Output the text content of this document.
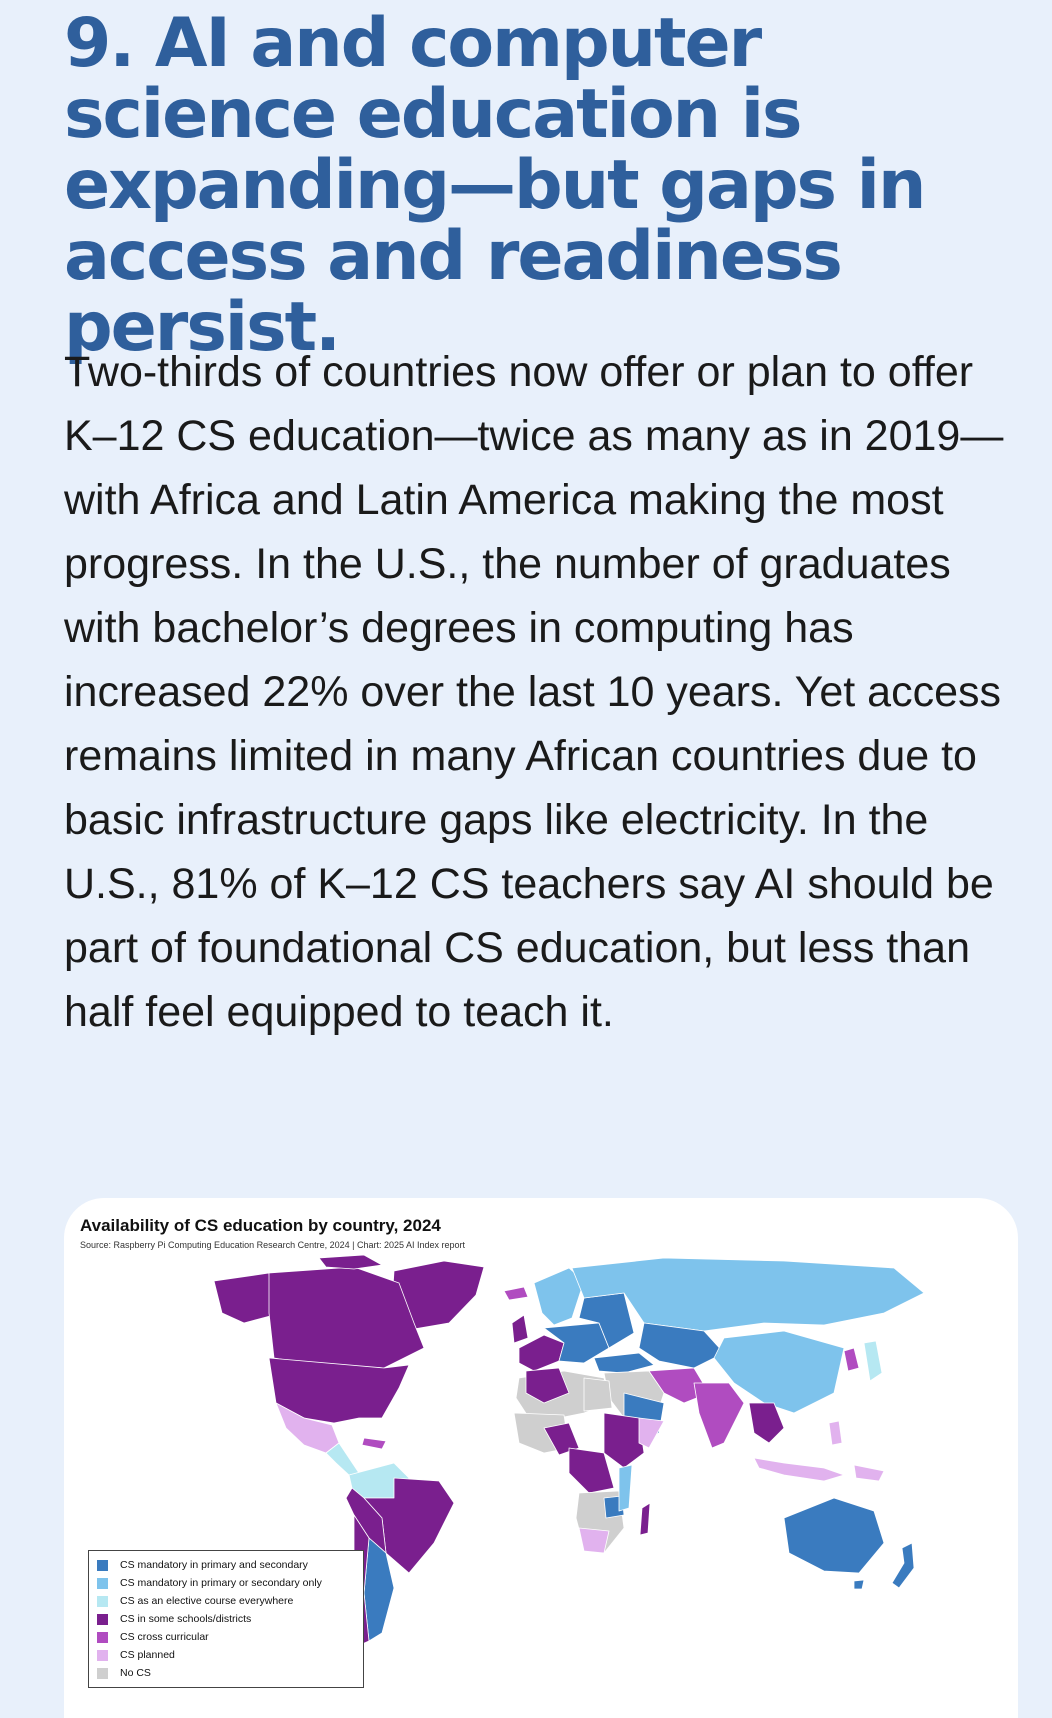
9. AI and computer science education is expanding—but gaps in access and readiness persist.

Two-thirds of countries now offer or plan to offer K–12 CS education—twice as many as in 2019—with Africa and Latin America making the most progress. In the U.S., the number of graduates with bachelor’s degrees in computing has increased 22% over the last 10 years. Yet access remains limited in many African countries due to basic infrastructure gaps like electricity. In the U.S., 81% of K–12 CS teachers say AI should be part of foundational CS education, but less than half feel equipped to teach it.

Availability of CS education by country, 2024
Source: Raspberry Pi Computing Education Research Centre, 2024 | Chart: 2025 AI Index report
CS mandatory in primary and secondary
CS mandatory in primary or secondary only
CS as an elective course everywhere
CS in some schools/districts
CS cross curricular
CS planned
No CS
